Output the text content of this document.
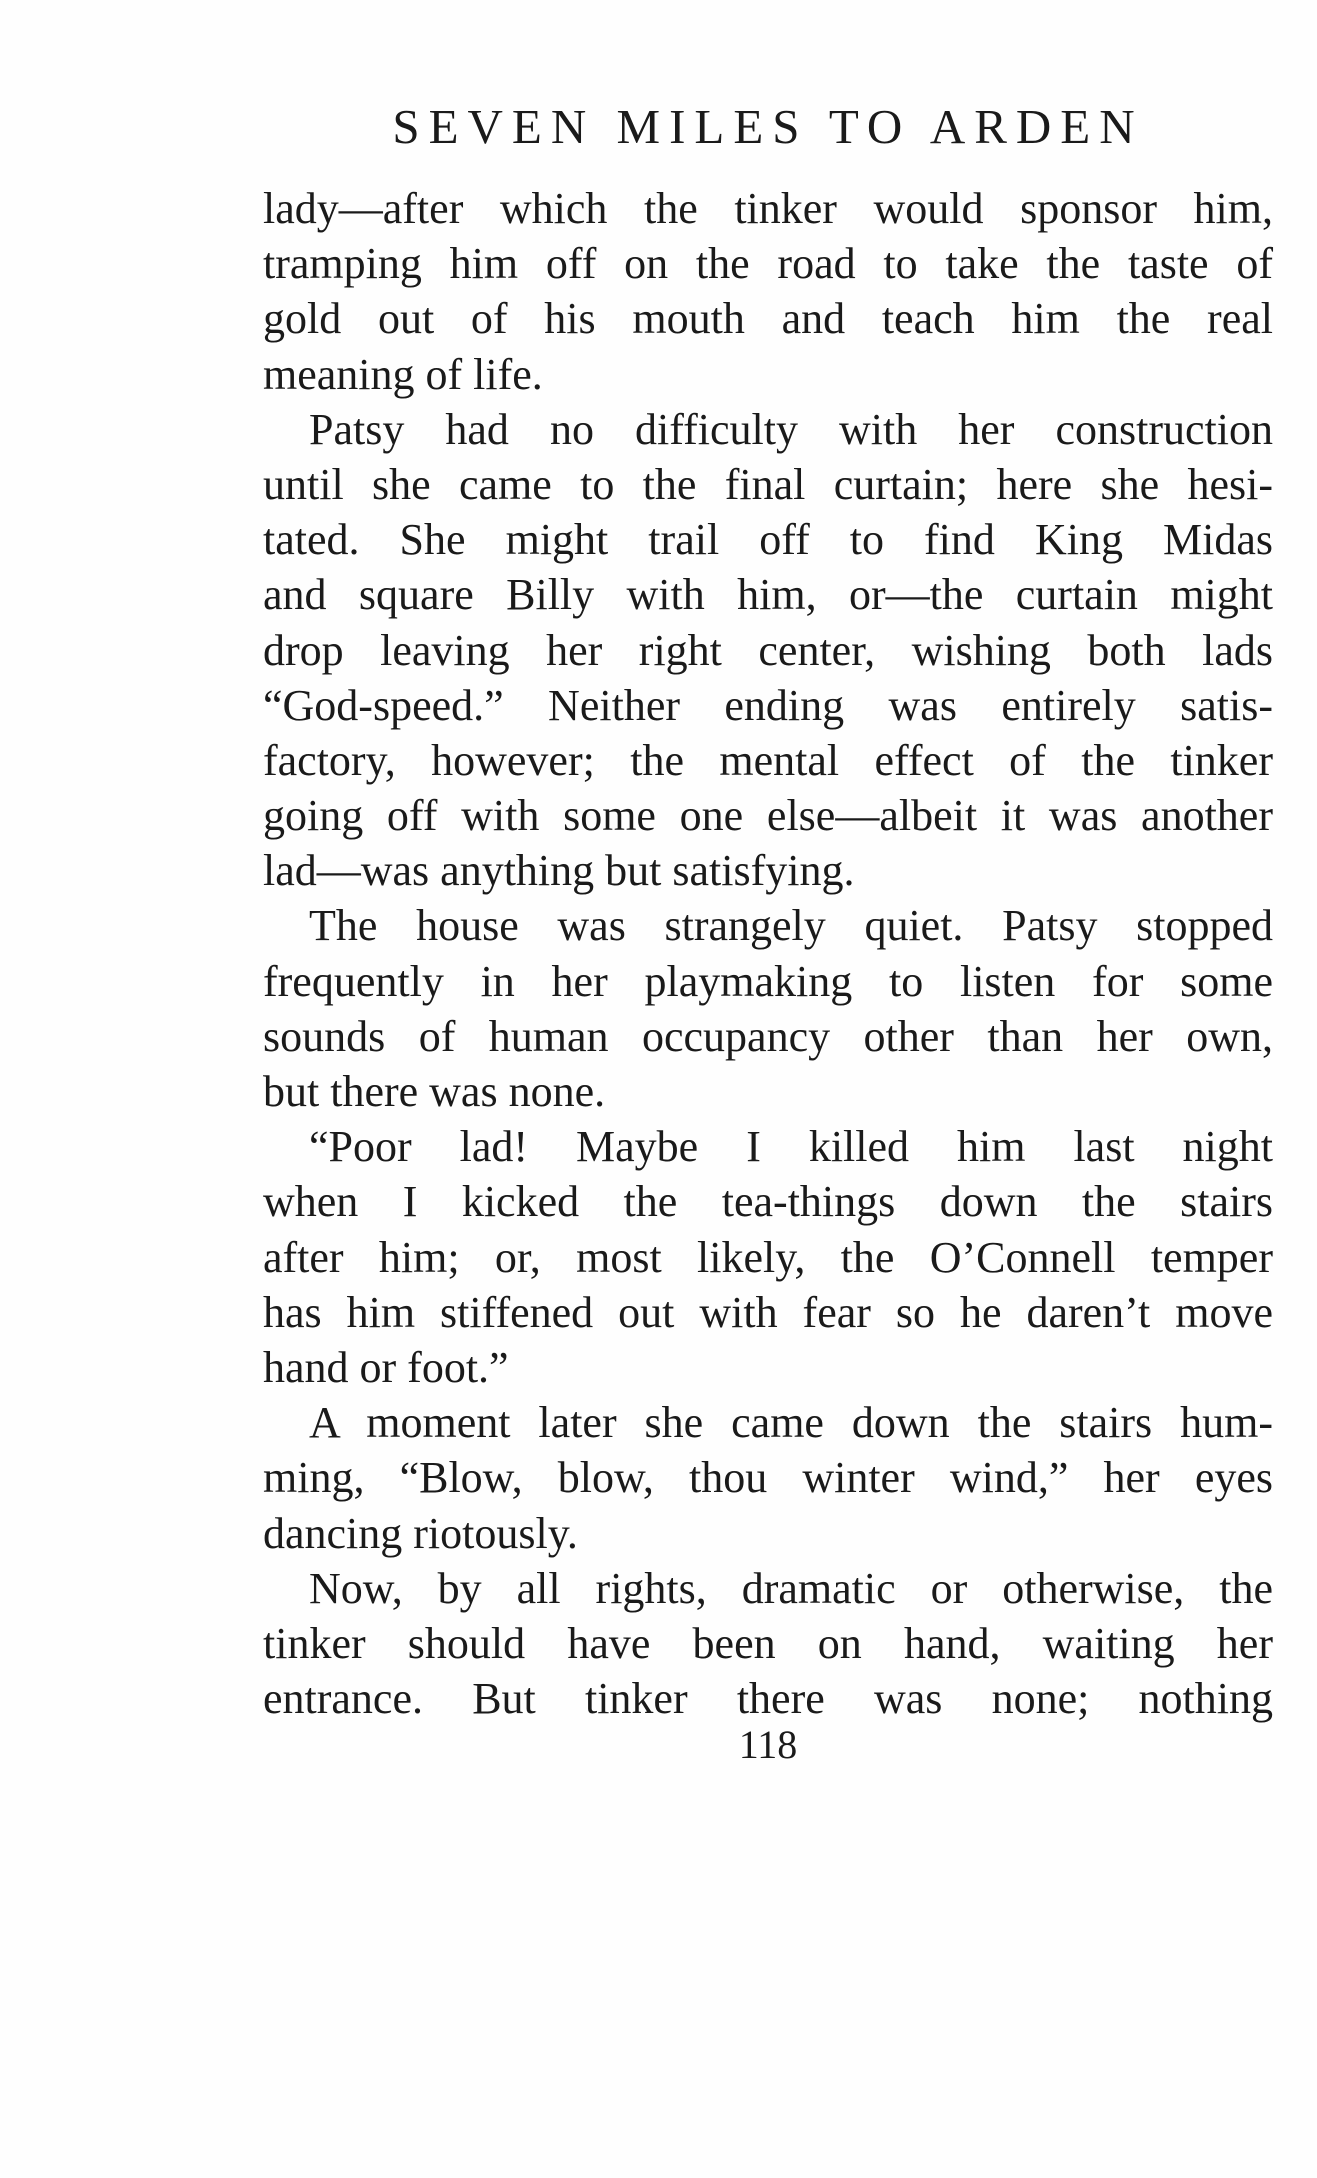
SEVEN MILES TO ARDEN
lady—after which the tinker would sponsor him,
tramping him off on the road to take the taste of
gold out of his mouth and teach him the real
meaning of life.
Patsy had no difficulty with her construction
until she came to the final curtain; here she hesi-
tated. She might trail off to find King Midas
and square Billy with him, or—the curtain might
drop leaving her right center, wishing both lads
“God-speed.” Neither ending was entirely satis-
factory, however; the mental effect of the tinker
going off with some one else—albeit it was another
lad—was anything but satisfying.
The house was strangely quiet. Patsy stopped
frequently in her playmaking to listen for some
sounds of human occupancy other than her own,
but there was none.
“Poor lad! Maybe I killed him last night
when I kicked the tea-things down the stairs
after him; or, most likely, the O’Connell temper
has him stiffened out with fear so he daren’t move
hand or foot.”
A moment later she came down the stairs hum-
ming, “Blow, blow, thou winter wind,” her eyes
dancing riotously.
Now, by all rights, dramatic or otherwise, the
tinker should have been on hand, waiting her
entrance. But tinker there was none; nothing
118
